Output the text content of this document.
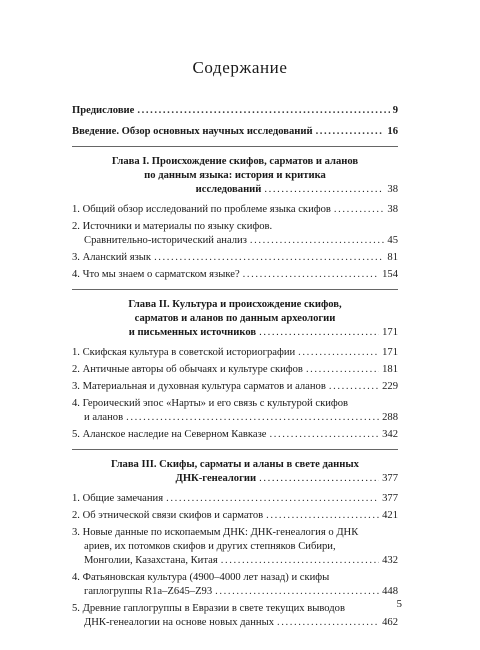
Содержание
Предисловие .....	9
Введение. Обзор основных научных исследований .....	16
Глава I. Происхождение скифов, сарматов и аланов
по данным языка: история и критика
исследований .....	38
1. Общий обзор исследований по проблеме языка скифов .....	38
2. Источники и материалы по языку скифов.
Сравнительно-исторический анализ .....	45
3. Аланский язык .....	81
4. Что мы знаем о сарматском языке? .....	154
Глава II. Культура и происхождение скифов,
сарматов и аланов по данным археологии
и письменных источников .....	171
1. Скифская культура в советской историографии .....	171
2. Античные авторы об обычаях и культуре скифов .....	181
3. Материальная и духовная культура сарматов и аланов .....	229
4. Героический эпос «Нарты» и его связь с культурой скифов
и аланов .....	288
5. Аланское наследие на Северном Кавказе .....	342
Глава III. Скифы, сарматы и аланы в свете данных
ДНК-генеалогии .....	377
1. Общие замечания .....	377
2. Об этнической связи скифов и сарматов .....	421
3. Новые данные по ископаемым ДНК: ДНК-генеалогия о ДНК
ариев, их потомков скифов и других степняков Сибири,
Монголии, Казахстана, Китая .....	432
4. Фатьяновская культура (4900–4000 лет назад) и скифы
гаплогруппы R1a–Z645–Z93 .....	448
5. Древние гаплогруппы в Евразии в свете текущих выводов
ДНК-генеалогии на основе новых данных .....	462
5
